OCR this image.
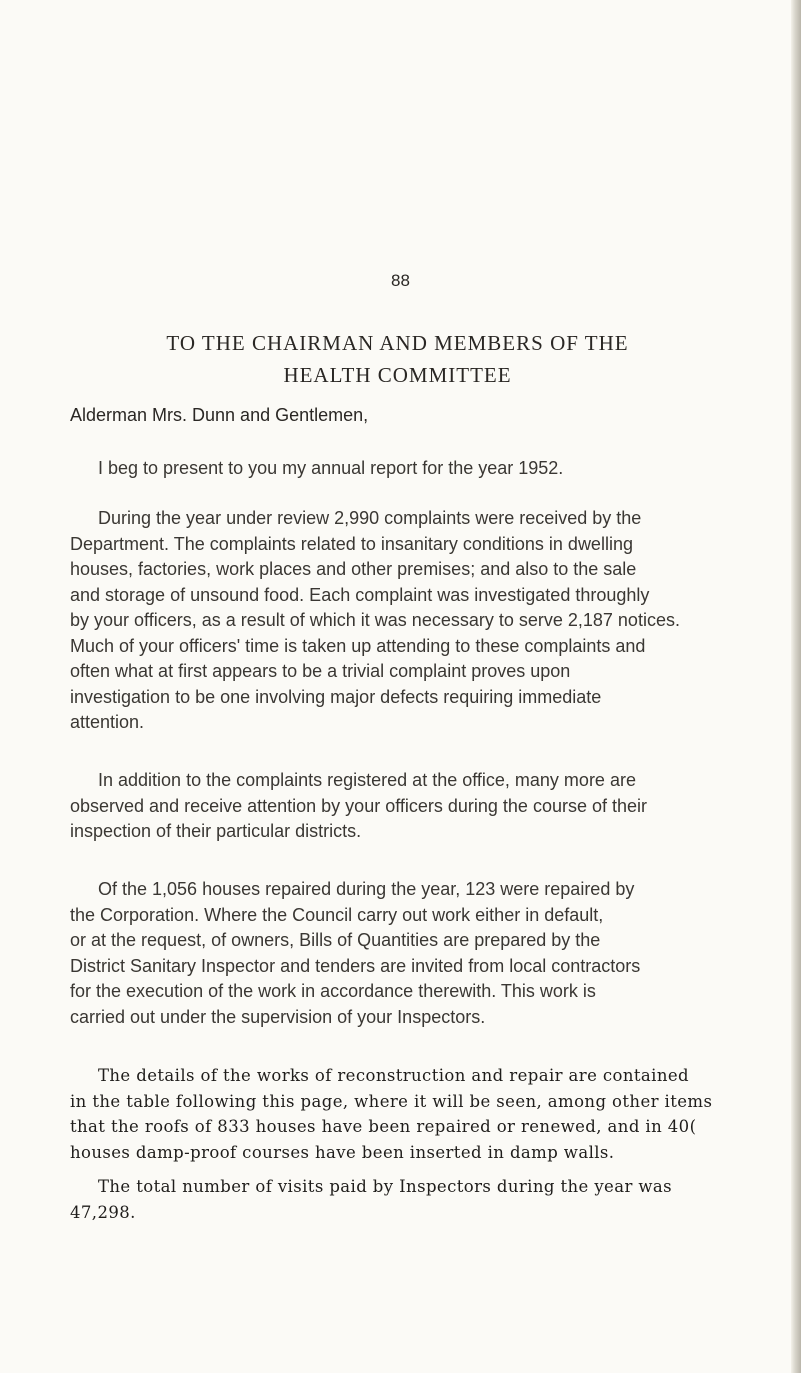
88
TO THE CHAIRMAN AND MEMBERS OF THE
HEALTH COMMITTEE
Alderman Mrs. Dunn and Gentlemen,
I beg to present to you my annual report for the year 1952.
During the year under review 2,990 complaints were received by the
Department. The complaints related to insanitary conditions in dwelling
houses, factories, work places and other premises; and also to the sale
and storage of unsound food. Each complaint was investigated throughly
by your officers, as a result of which it was necessary to serve 2,187 notices.
Much of your officers' time is taken up attending to these complaints and
often what at first appears to be a trivial complaint proves upon
investigation to be one involving major defects requiring immediate
attention.
In addition to the complaints registered at the office, many more are
observed and receive attention by your officers during the course of their
inspection of their particular districts.
Of the 1,056 houses repaired during the year, 123 were repaired by
the Corporation. Where the Council carry out work either in default,
or at the request, of owners, Bills of Quantities are prepared by the
District Sanitary Inspector and tenders are invited from local contractors
for the execution of the work in accordance therewith. This work is
carried out under the supervision of your Inspectors.
The details of the works of reconstruction and repair are contained
in the table following this page, where it will be seen, among other items
that the roofs of 833 houses have been repaired or renewed, and in 40(
houses damp-proof courses have been inserted in damp walls.
The total number of visits paid by Inspectors during the year was
47,298.
